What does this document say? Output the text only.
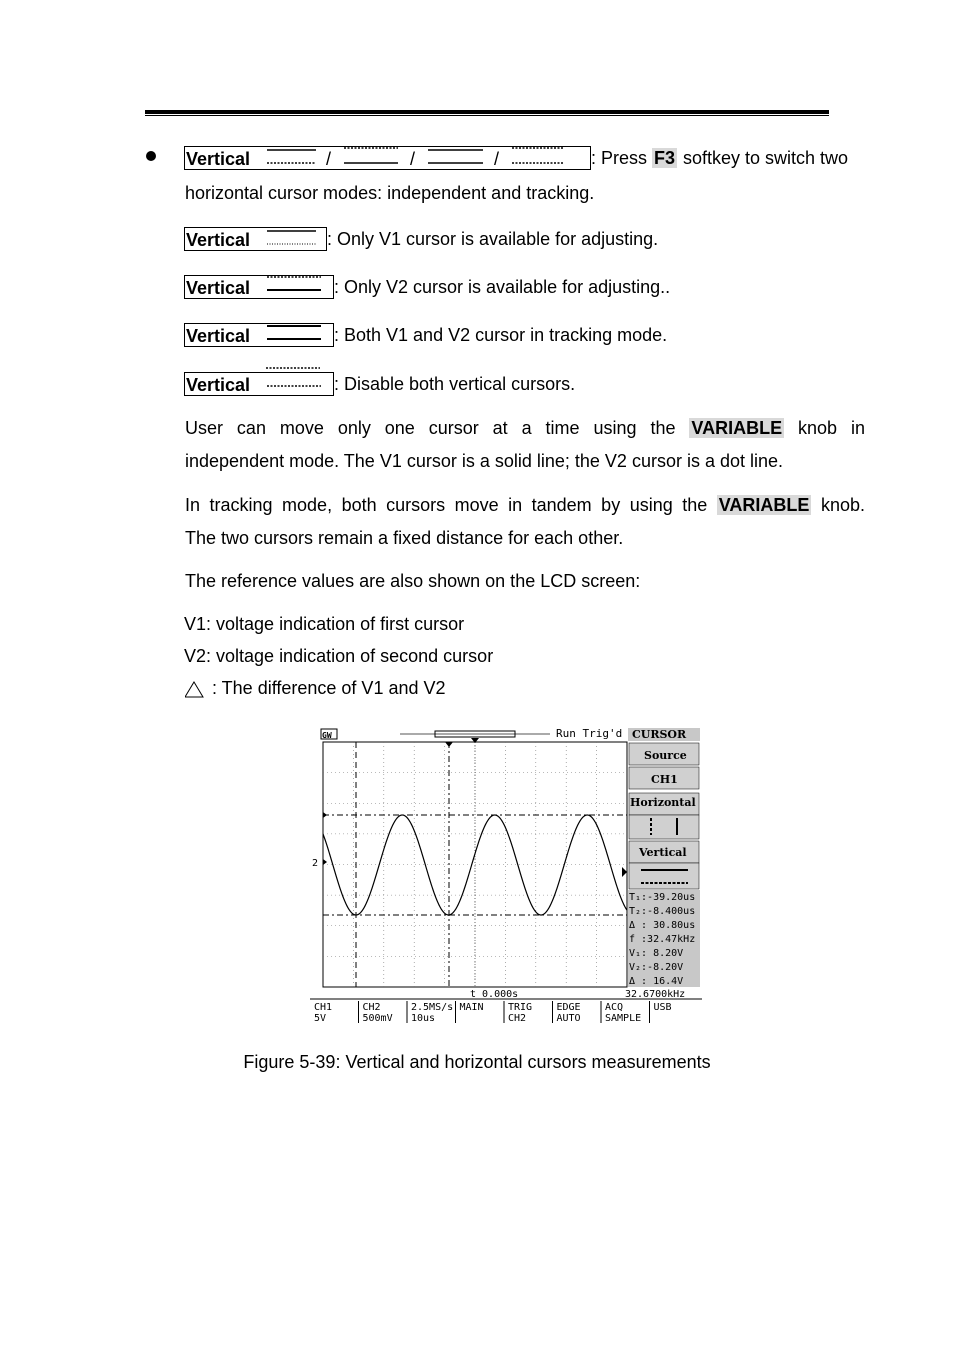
Vertical	/	/	/	: Press F3 softkey to switch two
horizontal cursor modes: independent and tracking.
Vertical	: Only V1 cursor is available for adjusting.
Vertical	: Only V2 cursor is available for adjusting..
Vertical	: Both V1 and V2 cursor in tracking mode.
Vertical	: Disable both vertical cursors.
User can move only one cursor at a time using the VARIABLE knob in
independent mode. The V1 cursor is a solid line; the V2 cursor is a dot line.
In tracking mode, both cursors move in tandem by using the VARIABLE knob.
The two cursors remain a fixed distance for each other.
The reference values are also shown on the LCD screen:
V1: voltage indication of first cursor
V2: voltage indication of second cursor
: The difference of V1 and V2
GW	Run Trig'd
2
CURSOR
Source
CH1
Horizontal
Vertical
T₁:-39.20us
T₂:-8.400us
Δ : 30.80us
f :32.47kHz
V₁: 8.20V
V₂:-8.20V
Δ : 16.4V
t 0.000s	32.6700kHz
CH1
5V
CH2
500mV
2.5MS/s
10us
MAIN TRIG
CH2
EDGE
AUTO
ACQ
SAMPLE
USB
Figure 5-39: Vertical and horizontal cursors measurements
